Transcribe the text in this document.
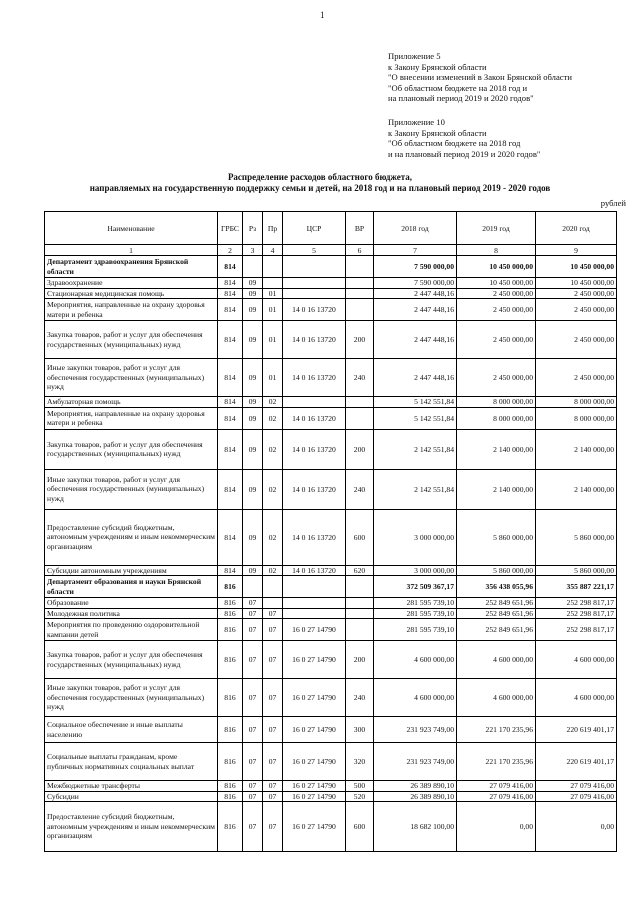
1
Приложение 5
к Закону Брянской области
"О внесении изменений в Закон Брянской области
"Об областном бюджете на 2018 год и
на плановый период 2019 и 2020 годов"
Приложение 10
к Закону Брянской области
"Об областном бюджете на 2018 год
и на плановый период 2019 и 2020 годов"
Распределение расходов областного бюджета,
направляемых на государственную поддержку семьи и детей, на 2018 год и на плановый период 2019 - 2020 годов
рублей
Наименование	ГРБС	Рз	Пр	ЦСР	ВР	2018 год	2019 год	2020 год
1	2	3	4	5	6	7	8	9
Департамент здравоохранения Брянской области	814					7 590 000,00	10 450 000,00	10 450 000,00
Здравоохранение	814	09				7 590 000,00	10 450 000,00	10 450 000,00
Стационарная медицинская помощь	814	09	01			2 447 448,16	2 450 000,00	2 450 000,00
Мероприятия, направленные на охрану здоровья матери и ребенка	814	09	01	14 0 16 13720		2 447 448,16	2 450 000,00	2 450 000,00
Закупка товаров, работ и услуг для обеспечения государственных (муниципальных) нужд	814	09	01	14 0 16 13720	200	2 447 448,16	2 450 000,00	2 450 000,00
Иные закупки товаров, работ и услуг для обеспечения государственных (муниципальных) нужд	814	09	01	14 0 16 13720	240	2 447 448,16	2 450 000,00	2 450 000,00
Амбулаторная помощь	814	09	02			5 142 551,84	8 000 000,00	8 000 000,00
Мероприятия, направленные на охрану здоровья матери и ребенка	814	09	02	14 0 16 13720		5 142 551,84	8 000 000,00	8 000 000,00
Закупка товаров, работ и услуг для обеспечения государственных (муниципальных) нужд	814	09	02	14 0 16 13720	200	2 142 551,84	2 140 000,00	2 140 000,00
Иные закупки товаров, работ и услуг для обеспечения государственных (муниципальных) нужд	814	09	02	14 0 16 13720	240	2 142 551,84	2 140 000,00	2 140 000,00
Предоставление субсидий бюджетным, автономным учреждениям и иным некоммерческим организациям	814	09	02	14 0 16 13720	600	3 000 000,00	5 860 000,00	5 860 000,00
Субсидии автономным учреждениям	814	09	02	14 0 16 13720	620	3 000 000,00	5 860 000,00	5 860 000,00
Департамент образования и науки Брянской области	816					372 509 367,17	356 438 055,96	355 887 221,17
Образование	816	07				281 595 739,10	252 849 651,96	252 298 817,17
Молодежная политика	816	07	07			281 595 739,10	252 849 651,96	252 298 817,17
Мероприятия по проведению оздоровительной кампании детей	816	07	07	16 0 27 14790		281 595 739,10	252 849 651,96	252 298 817,17
Закупка товаров, работ и услуг для обеспечения государственных (муниципальных) нужд	816	07	07	16 0 27 14790	200	4 600 000,00	4 600 000,00	4 600 000,00
Иные закупки товаров, работ и услуг для обеспечения государственных (муниципальных) нужд	816	07	07	16 0 27 14790	240	4 600 000,00	4 600 000,00	4 600 000,00
Социальное обеспечение и иные выплаты населению	816	07	07	16 0 27 14790	300	231 923 749,00	221 170 235,96	220 619 401,17
Социальные выплаты гражданам, кроме публичных нормативных социальных выплат	816	07	07	16 0 27 14790	320	231 923 749,00	221 170 235,96	220 619 401,17
Межбюджетные трансферты	816	07	07	16 0 27 14790	500	26 389 890,10	27 079 416,00	27 079 416,00
Субсидии	816	07	07	16 0 27 14790	520	26 389 890,10	27 079 416,00	27 079 416,00
Предоставление субсидий бюджетным, автономным учреждениям и иным некоммерческим организациям	816	07	07	16 0 27 14790	600	18 682 100,00	0,00	0,00
